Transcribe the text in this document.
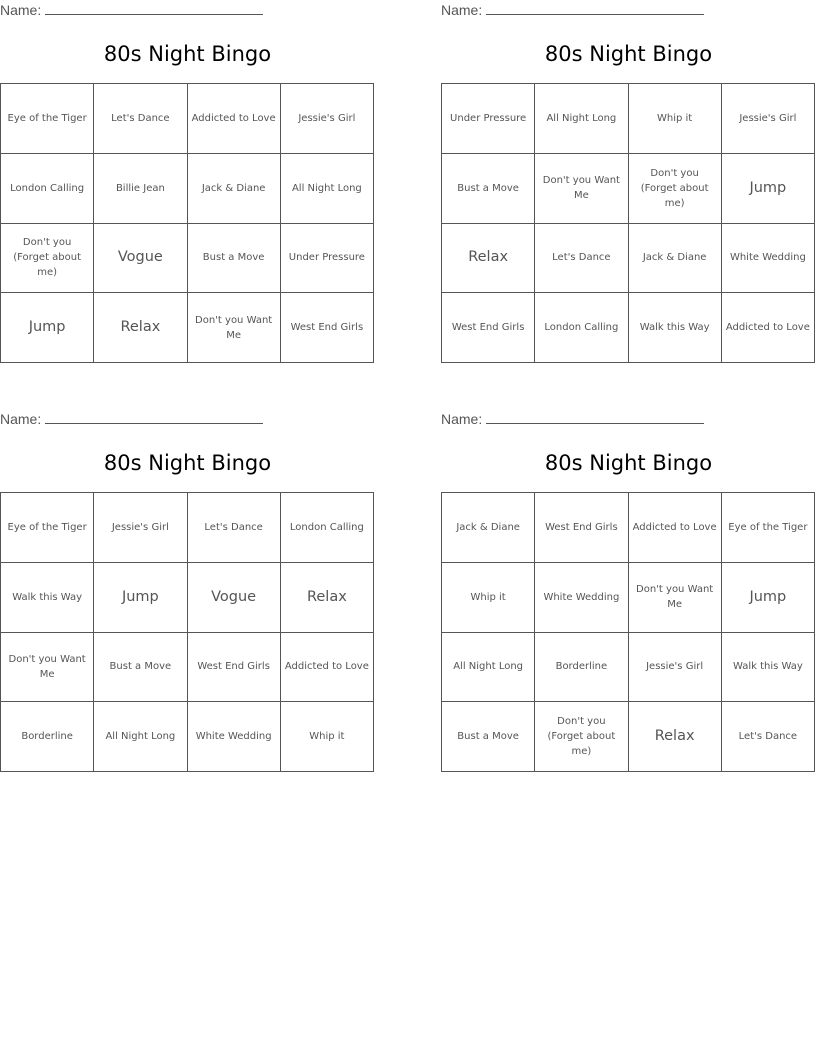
Name:
80s Night Bingo
Eye of the Tiger	Let's Dance	Addicted to Love	Jessie's Girl
London Calling	Billie Jean	Jack & Diane	All Night Long
Don't you (Forget about me)	Vogue	Bust a Move	Under Pressure
Jump	Relax	Don't you Want Me	West End Girls
Name:
80s Night Bingo
Under Pressure	All Night Long	Whip it	Jessie's Girl
Bust a Move	Don't you Want Me	Don't you (Forget about me)	Jump
Relax	Let's Dance	Jack & Diane	White Wedding
West End Girls	London Calling	Walk this Way	Addicted to Love
Name:
80s Night Bingo
Eye of the Tiger	Jessie's Girl	Let's Dance	London Calling
Walk this Way	Jump	Vogue	Relax
Don't you Want Me	Bust a Move	West End Girls	Addicted to Love
Borderline	All Night Long	White Wedding	Whip it
Name:
80s Night Bingo
Jack & Diane	West End Girls	Addicted to Love	Eye of the Tiger
Whip it	White Wedding	Don't you Want Me	Jump
All Night Long	Borderline	Jessie's Girl	Walk this Way
Bust a Move	Don't you (Forget about me)	Relax	Let's Dance
